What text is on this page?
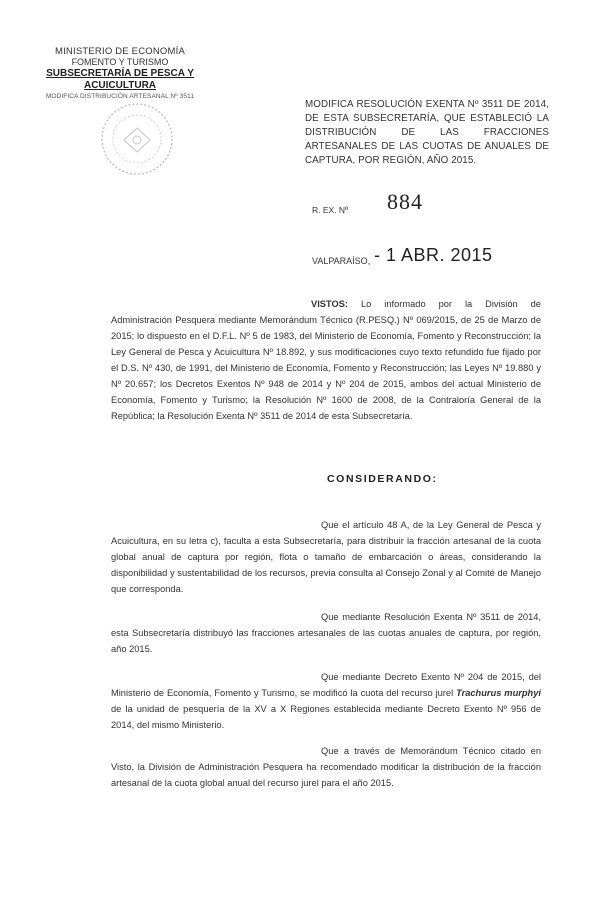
MINISTERIO DE ECONOMÍA
FOMENTO Y TURISMO
SUBSECRETARÍA DE PESCA Y ACUICULTURA
MODIFICA DISTRIBUCIÓN ARTESANAL Nº 3511
MODIFICA RESOLUCIÓN EXENTA Nº 3511 DE 2014, DE ESTA SUBSECRETARÍA, QUE ESTABLECIÓ LA DISTRIBUCIÓN DE LAS FRACCIONES ARTESANALES DE LAS CUOTAS DE ANUALES DE CAPTURA, POR REGIÓN, AÑO 2015.
R. EX. Nº 884
VALPARAÍSO, - 1 ABR. 2015
VISTOS: Lo informado por la División de Administración Pesquera mediante Memorándum Técnico (R.PESQ.) Nº 069/2015, de 25 de Marzo de 2015; lo dispuesto en el D.F.L. Nº 5 de 1983, del Ministerio de Economía, Fomento y Reconstrucción; la Ley General de Pesca y Acuicultura Nº 18.892, y sus modificaciones cuyo texto refundido fue fijado por el D.S. Nº 430, de 1991, del Ministerio de Economía, Fomento y Reconstrucción; las Leyes Nº 19.880 y Nº 20.657; los Decretos Exentos Nº 948 de 2014 y Nº 204 de 2015, ambos del actual Ministerio de Economía, Fomento y Turismo; la Resolución Nº 1600 de 2008, de la Contraloría General de la República; la Resolución Exenta Nº 3511 de 2014 de esta Subsecretaría.
CONSIDERANDO:
Que el artículo 48 A, de la Ley General de Pesca y Acuicultura, en su letra c), faculta a esta Subsecretaría, para distribuir la fracción artesanal de la cuota global anual de captura por región, flota o tamaño de embarcación o áreas, considerando la disponibilidad y sustentabilidad de los recursos, previa consulta al Consejo Zonal y al Comité de Manejo que corresponda.
Que mediante Resolución Exenta Nº 3511 de 2014, esta Subsecretaría distribuyó las fracciones artesanales de las cuotas anuales de captura, por región, año 2015.
Que mediante Decreto Exento Nº 204 de 2015, del Ministerio de Economía, Fomento y Turismo, se modificó la cuota del recurso jurel Trachurus murphyi de la unidad de pesquería de la XV a X Regiones establecida mediante Decreto Exento Nº 956 de 2014, del mismo Ministerio.
Que a través de Memorándum Técnico citado en Visto, la División de Administración Pesquera ha recomendado modificar la distribución de la fracción artesanal de la cuota global anual del recurso jurel para el año 2015.
